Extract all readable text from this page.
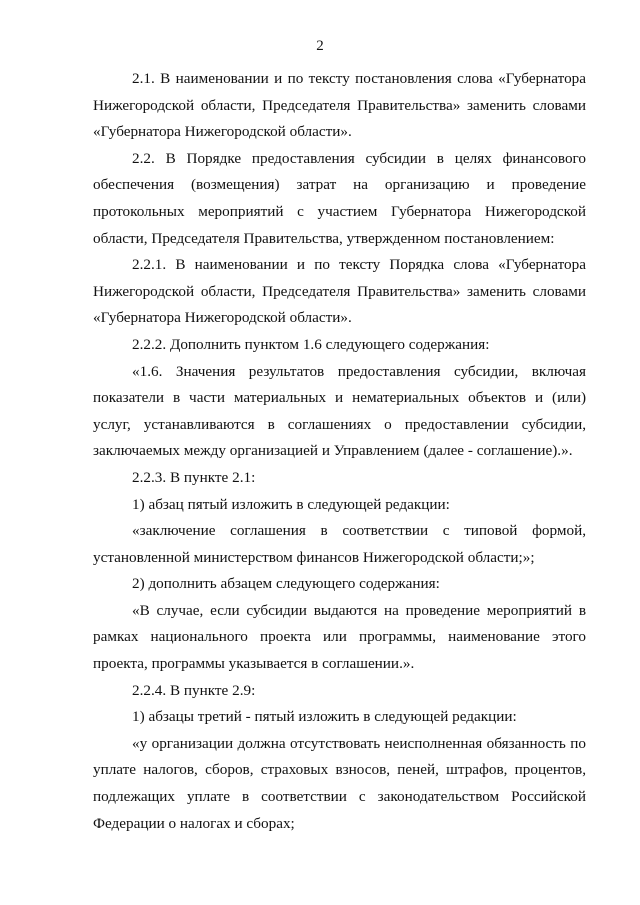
2

2.1. В наименовании и по тексту постановления слова «Губернатора Нижегородской области, Председателя Правительства» заменить словами «Губернатора Нижегородской области».

2.2. В Порядке предоставления субсидии в целях финансового обеспечения (возмещения) затрат на организацию и проведение протокольных мероприятий с участием Губернатора Нижегородской области, Председателя Правительства, утвержденном постановлением:

2.2.1. В наименовании и по тексту Порядка слова «Губернатора Нижегородской области, Председателя Правительства» заменить словами «Губернатора Нижегородской области».

2.2.2. Дополнить пунктом 1.6 следующего содержания:

«1.6. Значения результатов предоставления субсидии, включая показатели в части материальных и нематериальных объектов и (или) услуг, устанавливаются в соглашениях о предоставлении субсидии, заключаемых между организацией и Управлением (далее - соглашение).».

2.2.3. В пункте 2.1:

1) абзац пятый изложить в следующей редакции:

«заключение соглашения в соответствии с типовой формой, установленной министерством финансов Нижегородской области;»;

2) дополнить абзацем следующего содержания:

«В случае, если субсидии выдаются на проведение мероприятий в рамках национального проекта или программы, наименование этого проекта, программы указывается в соглашении.».

2.2.4. В пункте 2.9:

1) абзацы третий - пятый изложить в следующей редакции:

«у организации должна отсутствовать неисполненная обязанность по уплате налогов, сборов, страховых взносов, пеней, штрафов, процентов, подлежащих уплате в соответствии с законодательством Российской Федерации о налогах и сборах;
